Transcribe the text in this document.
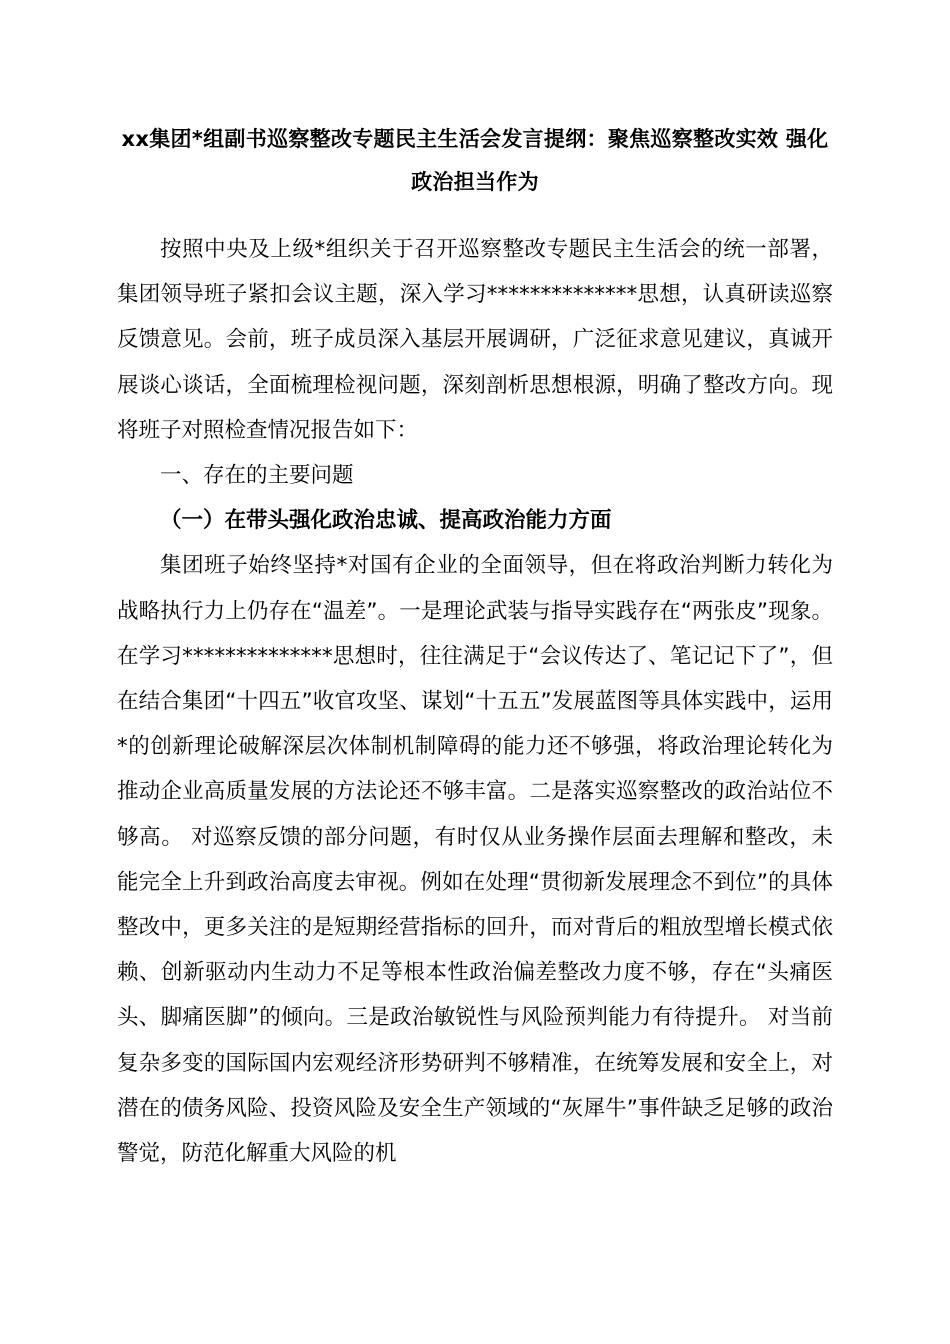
xx集团*组副书巡察整改专题民主生活会发言提纲：聚焦巡察整改实效 强化政治担当作为

按照中央及上级*组织关于召开巡察整改专题民主生活会的统一部署，集团领导班子紧扣会议主题，深入学习**************思想，认真研读巡察反馈意见。会前，班子成员深入基层开展调研，广泛征求意见建议，真诚开展谈心谈话，全面梳理检视问题，深刻剖析思想根源，明确了整改方向。现将班子对照检查情况报告如下：

一、存在的主要问题

（一）在带头强化政治忠诚、提高政治能力方面

集团班子始终坚持*对国有企业的全面领导，但在将政治判断力转化为战略执行力上仍存在“温差”。一是理论武装与指导实践存在“两张皮”现象。 在学习**************思想时，往往满足于“会议传达了、笔记记下了”，但在结合集团“十四五”收官攻坚、谋划“十五五”发展蓝图等具体实践中，运用*的创新理论破解深层次体制机制障碍的能力还不够强，将政治理论转化为推动企业高质量发展的方法论还不够丰富。二是落实巡察整改的政治站位不够高。 对巡察反馈的部分问题，有时仅从业务操作层面去理解和整改，未能完全上升到政治高度去审视。例如在处理“贯彻新发展理念不到位”的具体整改中，更多关注的是短期经营指标的回升，而对背后的粗放型增长模式依赖、创新驱动内生动力不足等根本性政治偏差整改力度不够，存在“头痛医头、脚痛医脚”的倾向。三是政治敏锐性与风险预判能力有待提升。 对当前复杂多变的国际国内宏观经济形势研判不够精准，在统筹发展和安全上，对潜在的债务风险、投资风险及安全生产领域的“灰犀牛”事件缺乏足够的政治警觉，防范化解重大风险的机
